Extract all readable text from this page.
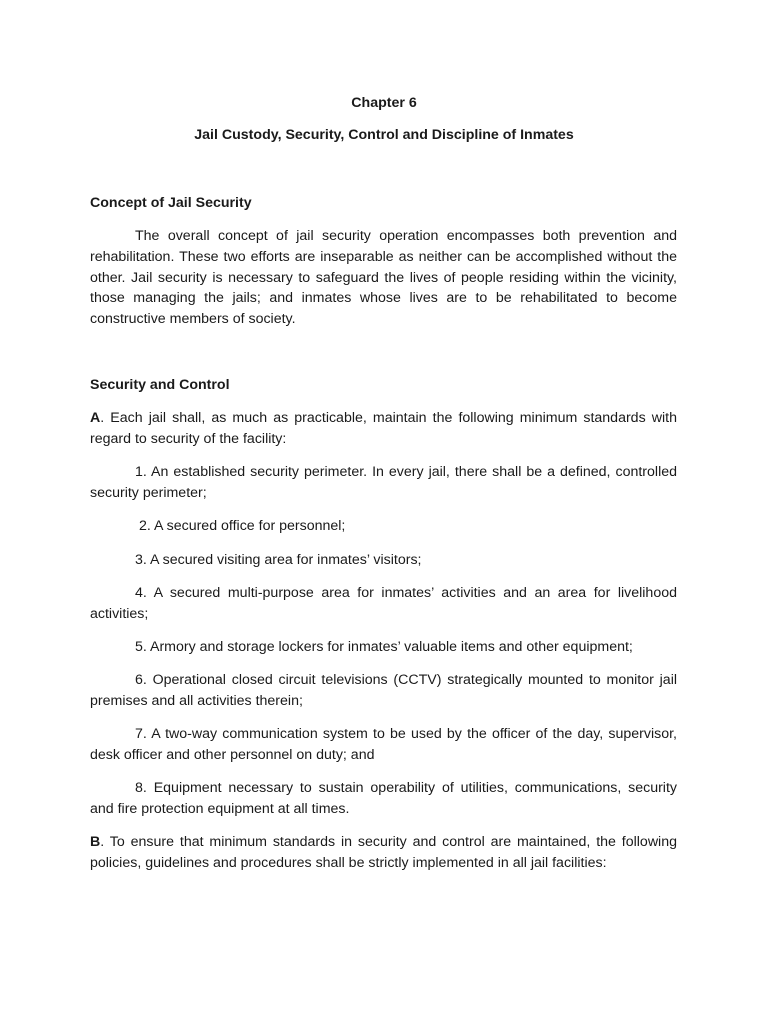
Chapter 6
Jail Custody, Security, Control and Discipline of Inmates
Concept of Jail Security
The overall concept of jail security operation encompasses both prevention and rehabilitation. These two efforts are inseparable as neither can be accomplished without the other. Jail security is necessary to safeguard the lives of people residing within the vicinity, those managing the jails; and inmates whose lives are to be rehabilitated to become constructive members of society.
Security and Control
A. Each jail shall, as much as practicable, maintain the following minimum standards with regard to security of the facility:
1. An established security perimeter. In every jail, there shall be a defined, controlled security perimeter;
2. A secured office for personnel;
3. A secured visiting area for inmates’ visitors;
4. A secured multi-purpose area for inmates’ activities and an area for livelihood activities;
5. Armory and storage lockers for inmates’ valuable items and other equipment;
6. Operational closed circuit televisions (CCTV) strategically mounted to monitor jail premises and all activities therein;
7. A two-way communication system to be used by the officer of the day, supervisor, desk officer and other personnel on duty; and
8. Equipment necessary to sustain operability of utilities, communications, security and fire protection equipment at all times.
B. To ensure that minimum standards in security and control are maintained, the following policies, guidelines and procedures shall be strictly implemented in all jail facilities:
